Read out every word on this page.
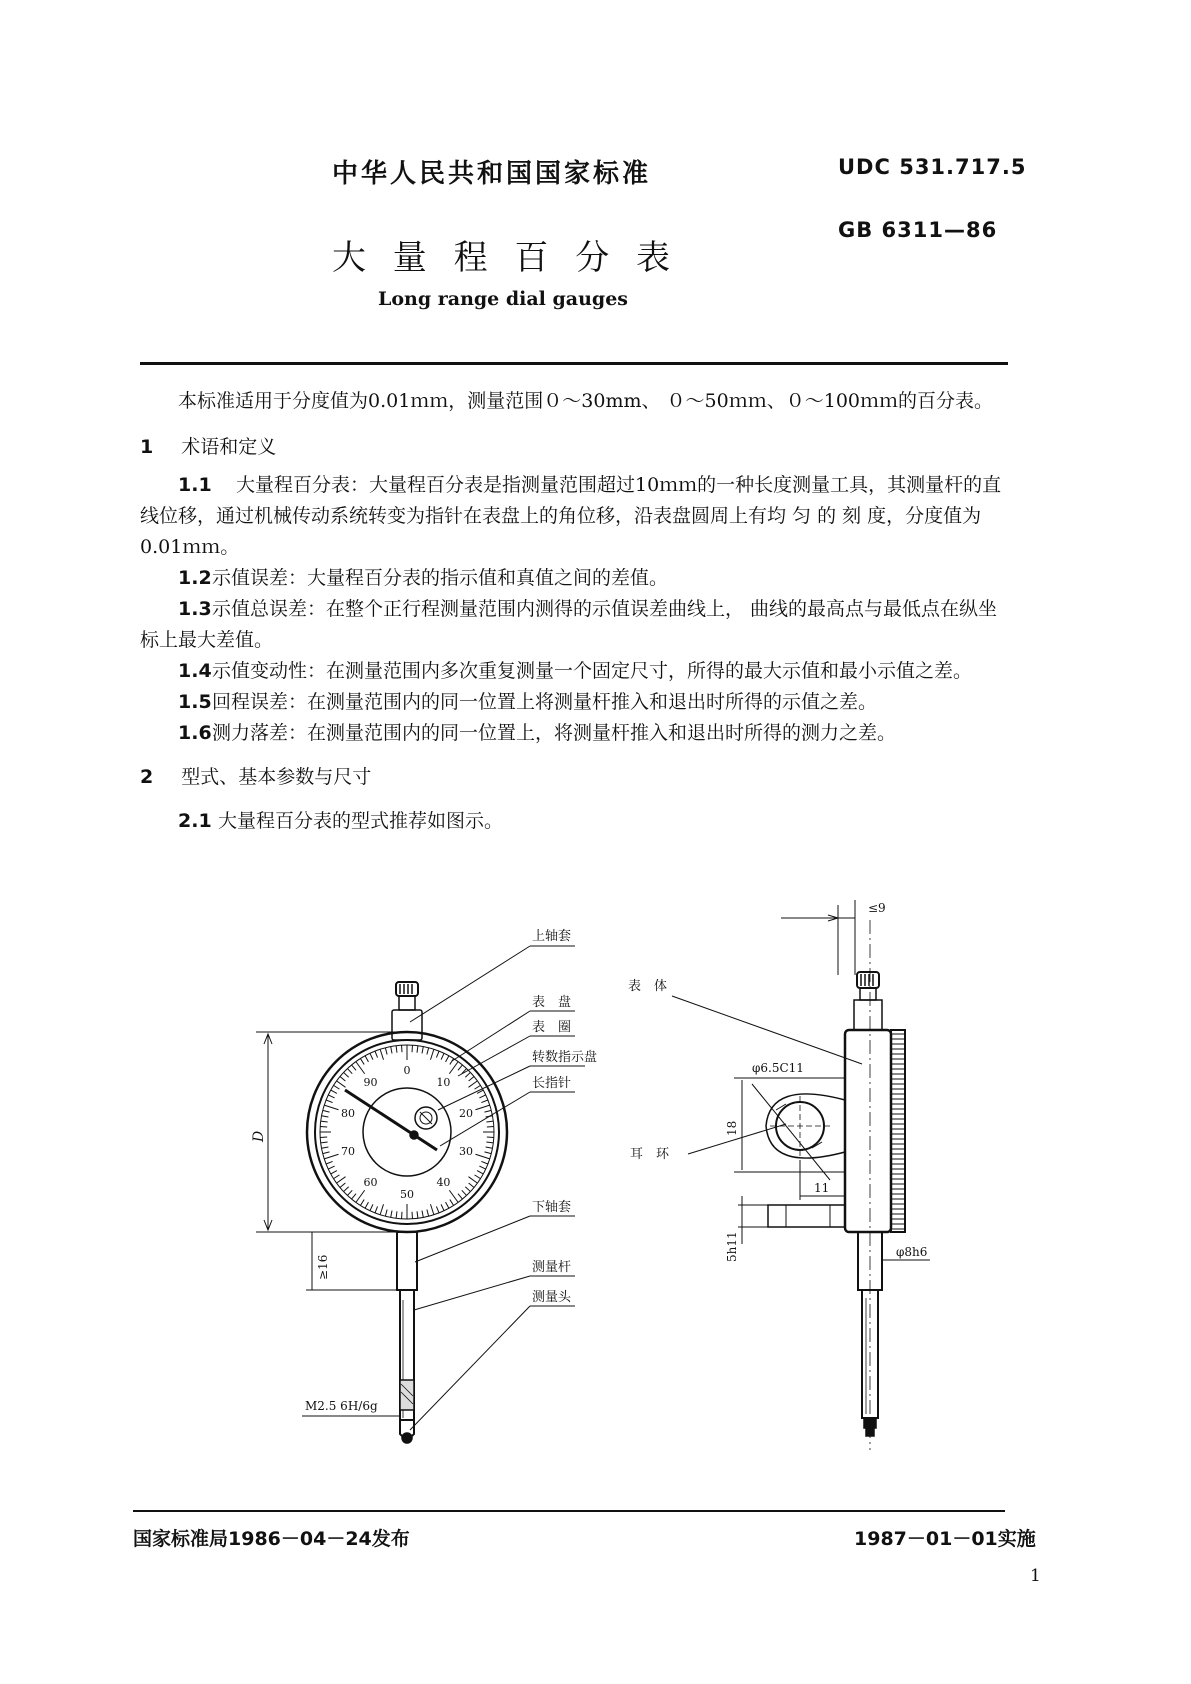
中华人民共和国国家标准	UDC 531.717.5
GB 6311—86
大 量 程 百 分 表
Long range dial gauges
本标准适用于分度值为0.01ｍｍ，测量范围０～30mm、 ０～50ｍｍ、０～100ｍｍ的百分表。
1 术语和定义
1.1 大量程百分表：大量程百分表是指测量范围超过10ｍｍ的一种长度测量工具，其测量杆的直线位移，通过机械传动系统转变为指针在表盘上的角位移，沿表盘圆周上有均 匀 的 刻 度，分度值为0.01ｍｍ。
1.2示值误差：大量程百分表的指示值和真值之间的差值。
1.3示值总误差：在整个正行程测量范围内测得的示值误差曲线上， 曲线的最高点与最低点在纵坐标上最大差值。
1.4示值变动性：在测量范围内多次重复测量一个固定尺寸，所得的最大示值和最小示值之差。
1.5回程误差：在测量范围内的同一位置上将测量杆推入和退出时所得的示值之差。
1.6测力落差：在测量范围内的同一位置上，将测量杆推入和退出时所得的测力之差。
2 型式、基本参数与尺寸
2.1 大量程百分表的型式推荐如图示。
0
10
20
30
40
50
60
70
80
90
上轴套
表　盘
表　圈
转数指示盘
长指针
下轴套
测量杆
测量头
表　体
耳　环
D
≥16
M2.5 6H/6g
≤9
φ6.5C11
18
11
5h11	φ8h6
国家标准局1986－04－24发布	1987－01－01实施
1
